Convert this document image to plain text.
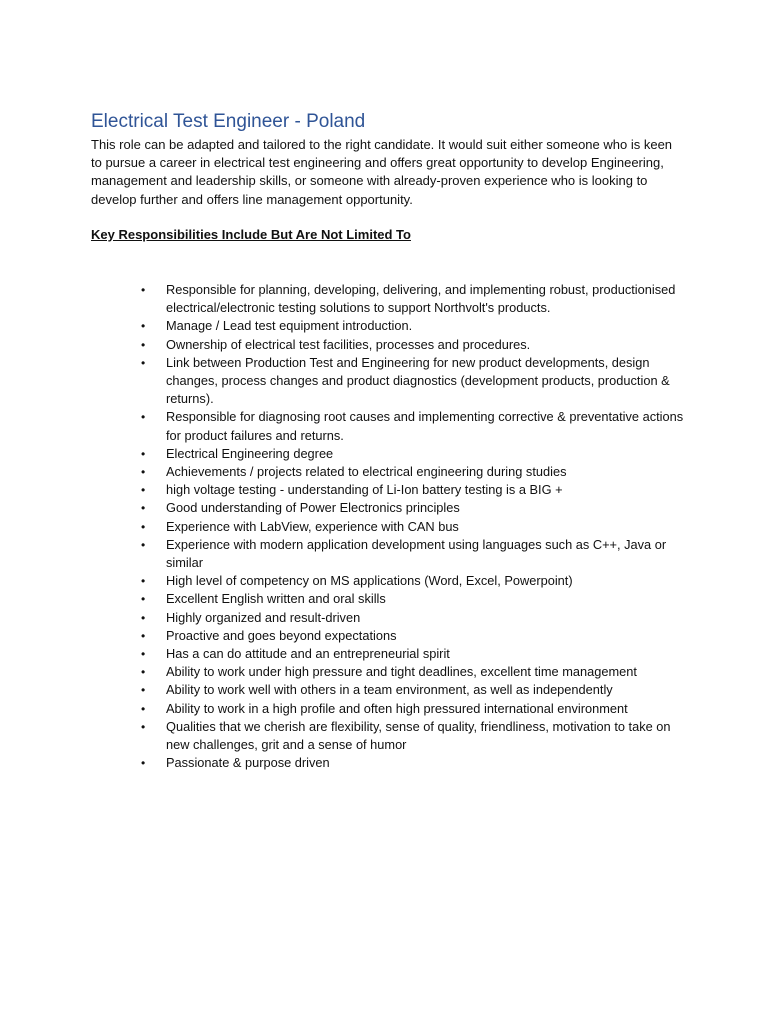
Electrical Test Engineer - Poland

This role can be adapted and tailored to the right candidate. It would suit either someone who is keen to pursue a career in electrical test engineering and offers great opportunity to develop Engineering, management and leadership skills, or someone with already-proven experience who is looking to develop further and offers line management opportunity.

Key Responsibilities Include But Are Not Limited To

• Responsible for planning, developing, delivering, and implementing robust, productionised electrical/electronic testing solutions to support Northvolt's products.
• Manage / Lead test equipment introduction.
• Ownership of electrical test facilities, processes and procedures.
• Link between Production Test and Engineering for new product developments, design changes, process changes and product diagnostics (development products, production & returns).
• Responsible for diagnosing root causes and implementing corrective & preventative actions for product failures and returns.
• Electrical Engineering degree
• Achievements / projects related to electrical engineering during studies
• high voltage testing - understanding of Li-Ion battery testing is a BIG +
• Good understanding of Power Electronics principles
• Experience with LabView, experience with CAN bus
• Experience with modern application development using languages such as C++, Java or similar
• High level of competency on MS applications (Word, Excel, Powerpoint)
• Excellent English written and oral skills
• Highly organized and result-driven
• Proactive and goes beyond expectations
• Has a can do attitude and an entrepreneurial spirit
• Ability to work under high pressure and tight deadlines, excellent time management
• Ability to work well with others in a team environment, as well as independently
• Ability to work in a high profile and often high pressured international environment
• Qualities that we cherish are flexibility, sense of quality, friendliness, motivation to take on new challenges, grit and a sense of humor
• Passionate & purpose driven
